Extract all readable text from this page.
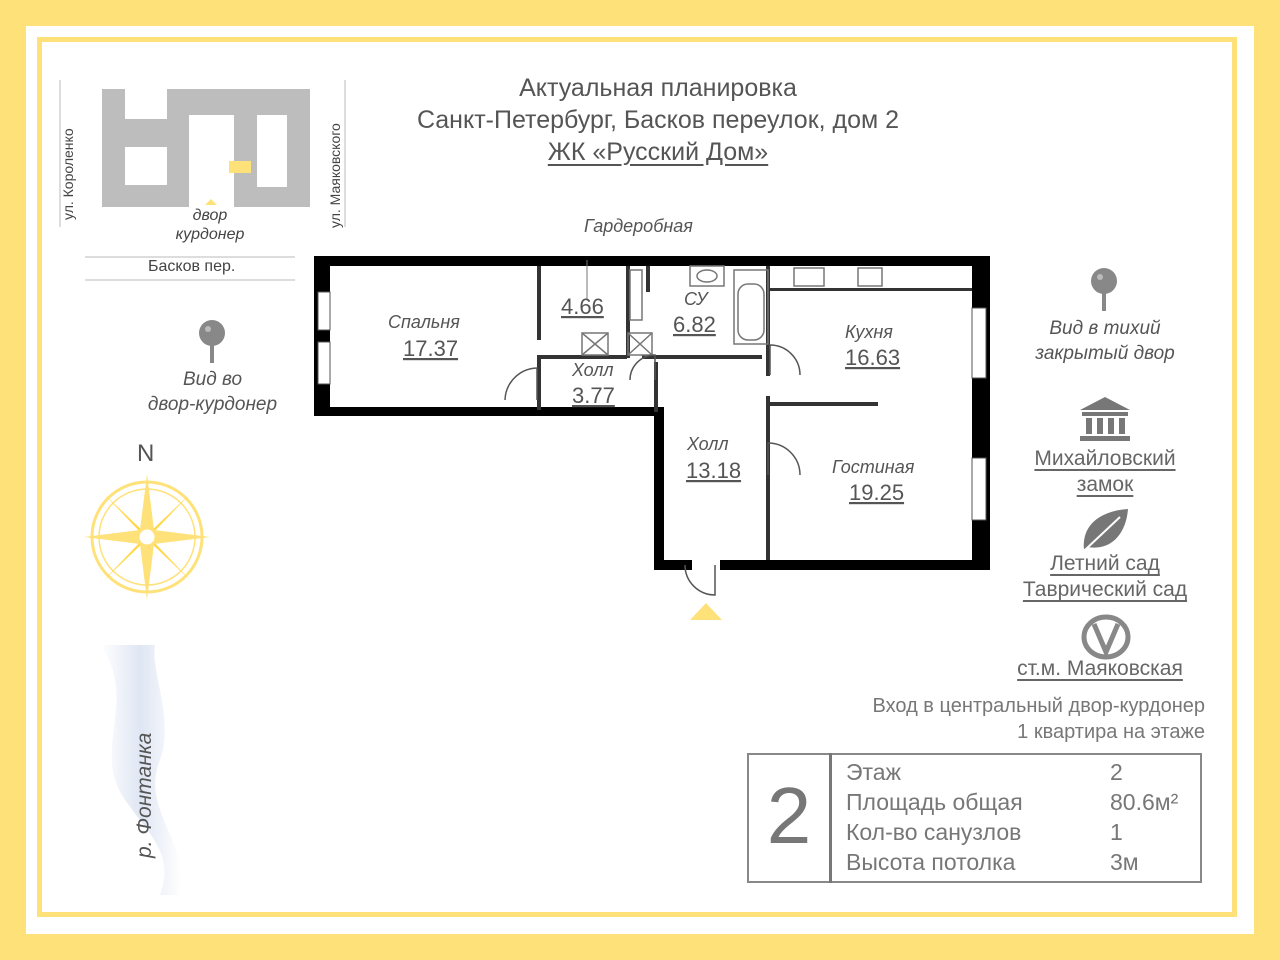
Актуальная планировка
Санкт-Петербург, Басков переулок, дом 2
ЖК «Русский Дом»
ул. Короленко	ул. Маяковского
двор
курдонер
Басков пер.
Вид во
двор-курдонер
N
р. Фонтанка
Спальня
17.37
Гардеробная
4.66	СУ
6.82
Холл
3.77
Кухня
16.63
Холл
13.18	Гостиная
19.25
Вид в тихий
закрытый двор
Михайловский
замок
Летний сад
Таврический сад
ст.м. Маяковская
Вход в центральный двор-курдонер
1 квартира на этаже
2	Этаж	2
Площадь общая	80.6м²
Кол-во санузлов	1
Высота потолка	3м
